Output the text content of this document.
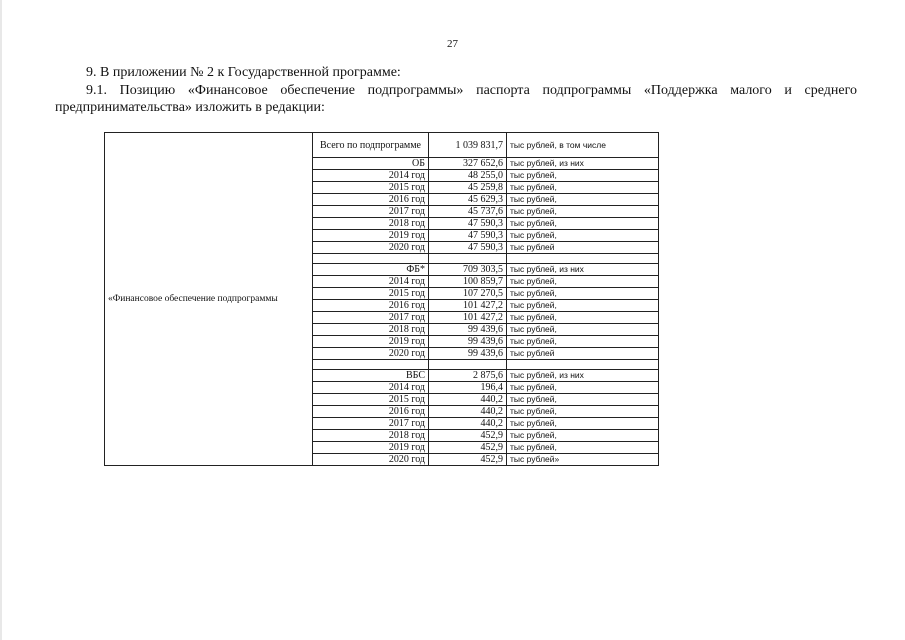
27

9. В приложении № 2 к Государственной программе:

9.1. Позицию «Финансовое обеспечение подпрограммы» паспорта подпрограммы «Поддержка малого и среднего предпринимательства» изложить в редакции:

«Финансовое обеспечение подпрограммы	Всего по подпрограмме	1 039 831,7	тыс рублей, в том числе
	ОБ	327 652,6	тыс рублей, из них
	2014 год	48 255,0	тыс рублей,
	2015 год	45 259,8	тыс рублей,
	2016 год	45 629,3	тыс рублей,
	2017 год	45 737,6	тыс рублей,
	2018 год	47 590,3	тыс рублей,
	2019 год	47 590,3	тыс рублей,
	2020 год	47 590,3	тыс рублей

	ФБ*	709 303,5	тыс рублей, из них
	2014 год	100 859,7	тыс рублей,
	2015 год	107 270,5	тыс рублей,
	2016 год	101 427,2	тыс рублей,
	2017 год	101 427,2	тыс рублей,
	2018 год	99 439,6	тыс рублей,
	2019 год	99 439,6	тыс рублей,
	2020 год	99 439,6	тыс рублей

	ВБС	2 875,6	тыс рублей, из них
	2014 год	196,4	тыс рублей,
	2015 год	440,2	тыс рублей,
	2016 год	440,2	тыс рублей,
	2017 год	440,2	тыс рублей,
	2018 год	452,9	тыс рублей,
	2019 год	452,9	тыс рублей,
	2020 год	452,9	тыс рублей»
